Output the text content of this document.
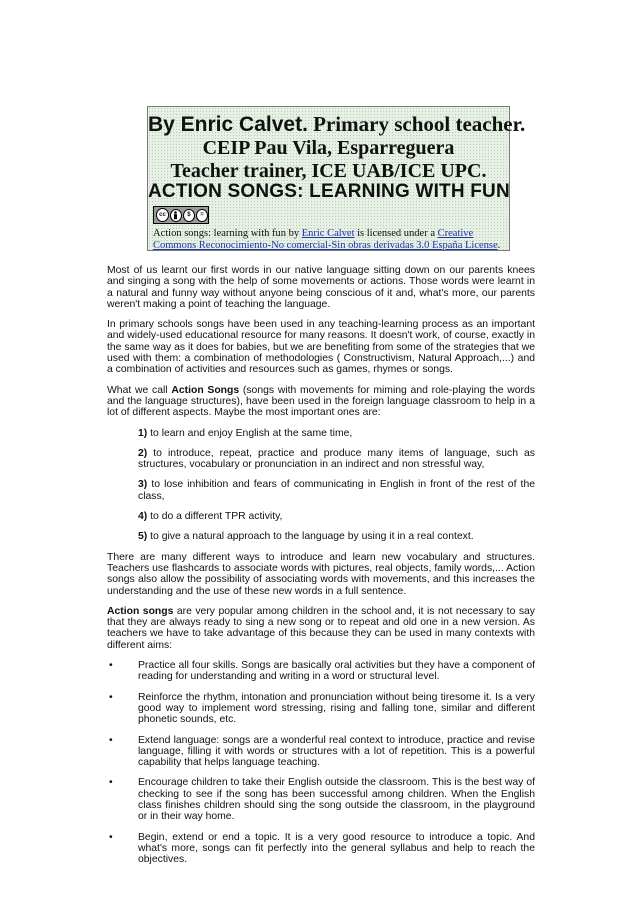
By Enric Calvet. Primary school teacher.
CEIP Pau Vila, Esparreguera
Teacher trainer, ICE UAB/ICE UPC.
ACTION SONGS: LEARNING WITH FUN
cc	$	=
Action songs: learning with fun by Enric Calvet is licensed under a Creative Commons Reconocimiento-No comercial-Sin obras derivadas 3.0 España License.

Most of us learnt our first words in our native language sitting down on our parents knees and singing a song with the help of some movements or actions. Those words were learnt in a natural and funny way without anyone being conscious of it and, what's more, our parents weren't making a point of teaching the language.

In primary schools songs have been used in any teaching-learning process as an important and widely-used educational resource for many reasons. It doesn't work, of course, exactly in the same way as it does for babies, but we are benefiting from some of the strategies that we used with them: a combination of methodologies ( Constructivism, Natural Approach,...) and a combination of activities and resources such as games, rhymes or songs.

What we call Action Songs (songs with movements for miming and role-playing the words and the language structures), have been used in the foreign language classroom to help in a lot of different aspects. Maybe the most important ones are:

1) to learn and enjoy English at the same time,

2) to introduce, repeat, practice and produce many items of language, such as structures, vocabulary or pronunciation in an indirect and non stressful way,

3) to lose inhibition and fears of communicating in English in front of the rest of the class,

4) to do a different TPR activity,

5) to give a natural approach to the language by using it in a real context.

There are many different ways to introduce and learn new vocabulary and structures. Teachers use flashcards to associate words with pictures, real objects, family words,... Action songs also allow the possibility of associating words with movements, and this increases the understanding and the use of these new words in a full sentence.

Action songs are very popular among children in the school and, it is not necessary to say that they are always ready to sing a new song or to repeat and old one in a new version. As teachers we have to take advantage of this because they can be used in many contexts with different aims:

• Practice all four skills. Songs are basically oral activities but they have a component of reading for understanding and writing in a word or structural level.

• Reinforce the rhythm, intonation and pronunciation without being tiresome it. Is a very good way to implement word stressing, rising and falling tone, similar and different phonetic sounds, etc.

• Extend language: songs are a wonderful real context to introduce, practice and revise language, filling it with words or structures with a lot of repetition. This is a powerful capability that helps language teaching.

• Encourage children to take their English outside the classroom. This is the best way of checking to see if the song has been successful among children. When the English class finishes children should sing the song outside the classroom, in the playground or in their way home.

• Begin, extend or end a topic. It is a very good resource to introduce a topic. And what's more, songs can fit perfectly into the general syllabus and help to reach the objectives.
